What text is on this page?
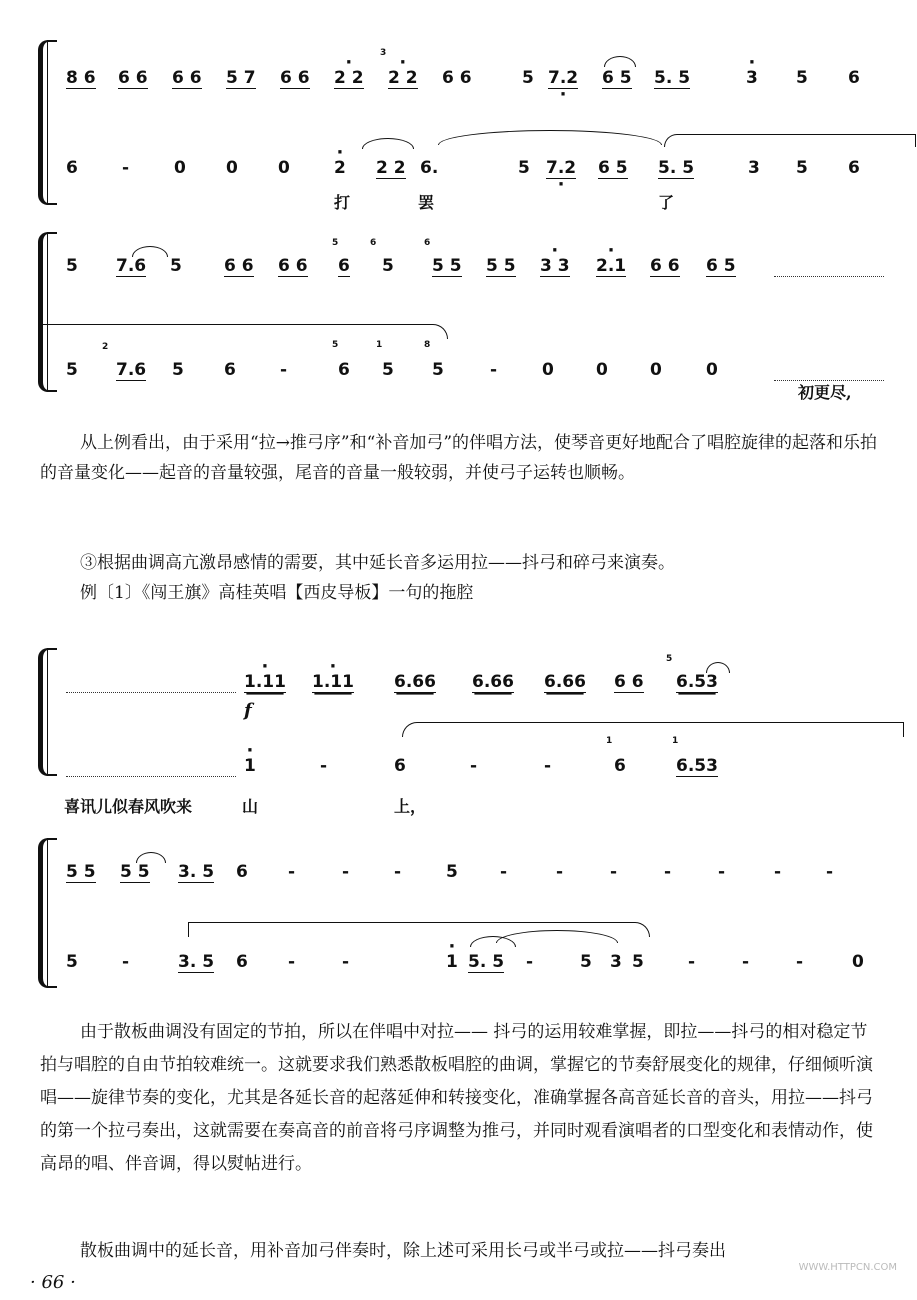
8 6 6 6 6 6 5 7 6 6 · 2 2
3
· 2 2 6 6	5 7.2 · 6 5 5. 5	· 3 5 6
6	-	0 0 0	· 2 2 2 6.	5 7.2 · 6 5 5. 5	3 5 6
打	罢	了
5 7.6 5 6 6 6 6
5
6
6
5
6
5 5 5 5 · 3 3 · 2.1 6 6 6 5
2
5 7.6 5 6	-
5
6
1
5
8
5	-	0 0 0	0
初更尽,
从上例看出，由于采用“拉→推弓序”和“补音加弓”的伴唱方法，使琴音更好地配合了唱腔旋律的起落和乐拍的音量变化——起音的音量较强，尾音的音量一般较弱，并使弓子运转也顺畅。
③根据曲调高亢激昂感情的需要，其中延长音多运用拉——抖弓和碎弓来演奏。
例〔1〕《闯王旗》高桂英唱【西皮导板】一句的拖腔
· 1.11 · 1.11 6.66 6.66 6.66 6 6
5
6.53
f
· 1	-	6	-	-
1
6
1
6.53
喜讯儿似春风吹来	山	上，
5 5 5 5 3. 5 6 -	-	-	5 -	-	-	-	-	-	-
5	-	3. 5 6 -	-	· 1 5. 5 -	5 3 5	-	-	-	0
由于散板曲调没有固定的节拍，所以在伴唱中对拉—— 抖弓的运用较难掌握，即拉——抖弓的相对稳定节拍与唱腔的自由节拍较难统一。这就要求我们熟悉散板唱腔的曲调，掌握它的节奏舒展变化的规律，仔细倾听演唱——旋律节奏的变化，尤其是各延长音的起落延伸和转接变化，准确掌握各高音延长音的音头，用拉——抖弓的第一个拉弓奏出，这就需要在奏高音的前音将弓序调整为推弓，并同时观看演唱者的口型变化和表情动作，使高昂的唱、伴音调，得以熨帖进行。
散板曲调中的延长音，用补音加弓伴奏时，除上述可采用长弓或半弓或拉——抖弓奏出
· 66 ·
WWW.HTTPCN.COM
